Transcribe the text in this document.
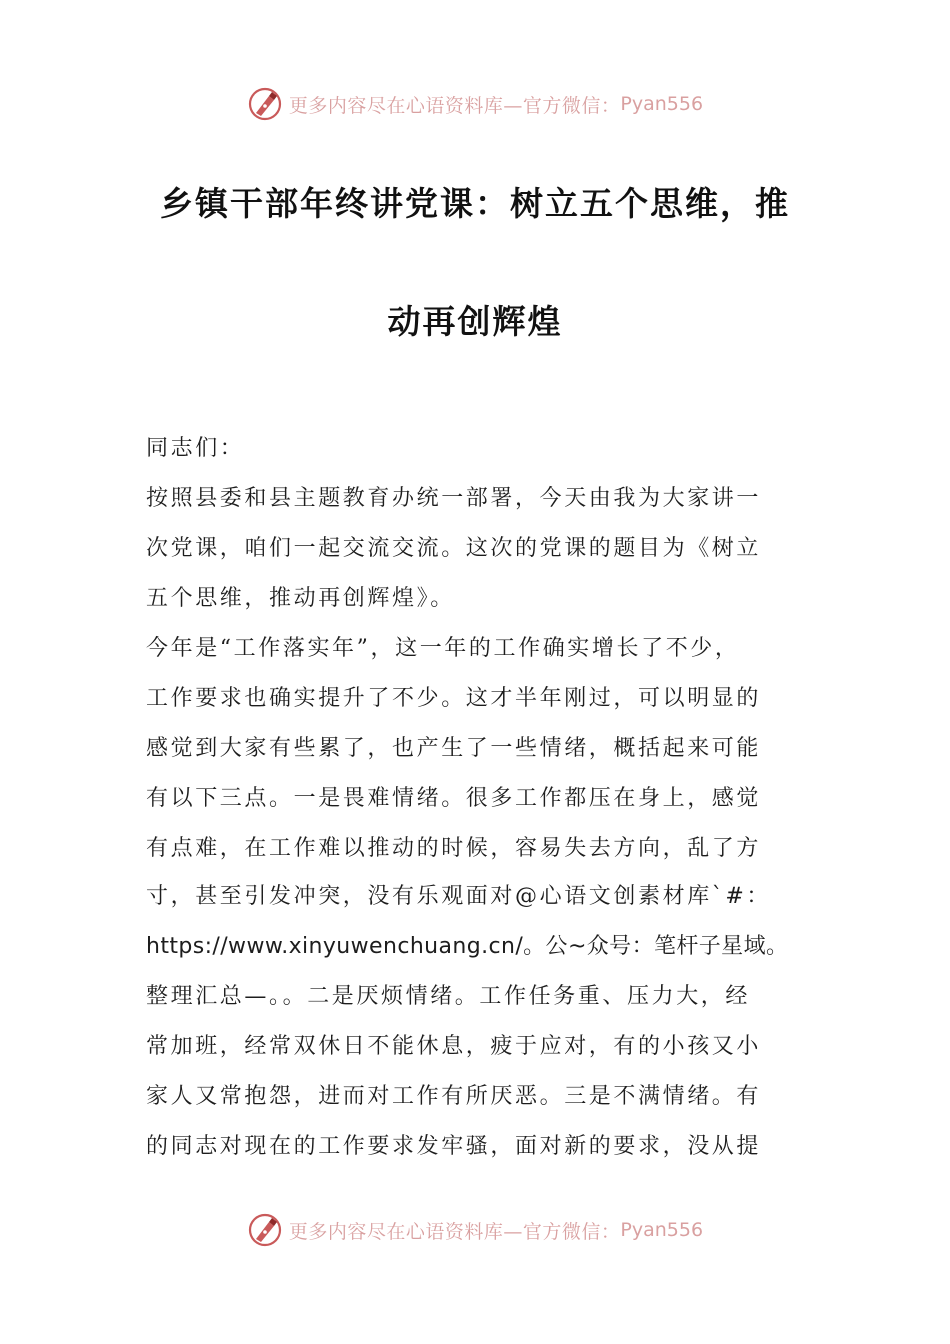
更多内容尽在心语资料库—官方微信： Pyan556
乡镇干部年终讲党课：树立五个思维，推
动再创辉煌
同志们：
按照县委和县主题教育办统一部署，今天由我为大家讲一
次党课，咱们一起交流交流。这次的党课的题目为《树立
五个思维，推动再创辉煌》。
今年是“工作落实年”，这一年的工作确实增长了不少，
工作要求也确实提升了不少。这才半年刚过，可以明显的
感觉到大家有些累了，也产生了一些情绪，概括起来可能
有以下三点。一是畏难情绪。很多工作都压在身上，感觉
有点难，在工作难以推动的时候，容易失去方向，乱了方
寸，甚至引发冲突，没有乐观面对@心语文创素材库`#：
https://www.xinyuwenchuang.cn/。公~众号：笔杆子星域。
整理汇总—。。二是厌烦情绪。工作任务重、压力大，经
常加班，经常双休日不能休息，疲于应对，有的小孩又小
家人又常抱怨，进而对工作有所厌恶。三是不满情绪。有
的同志对现在的工作要求发牢骚，面对新的要求，没从提
更多内容尽在心语资料库—官方微信： Pyan556
